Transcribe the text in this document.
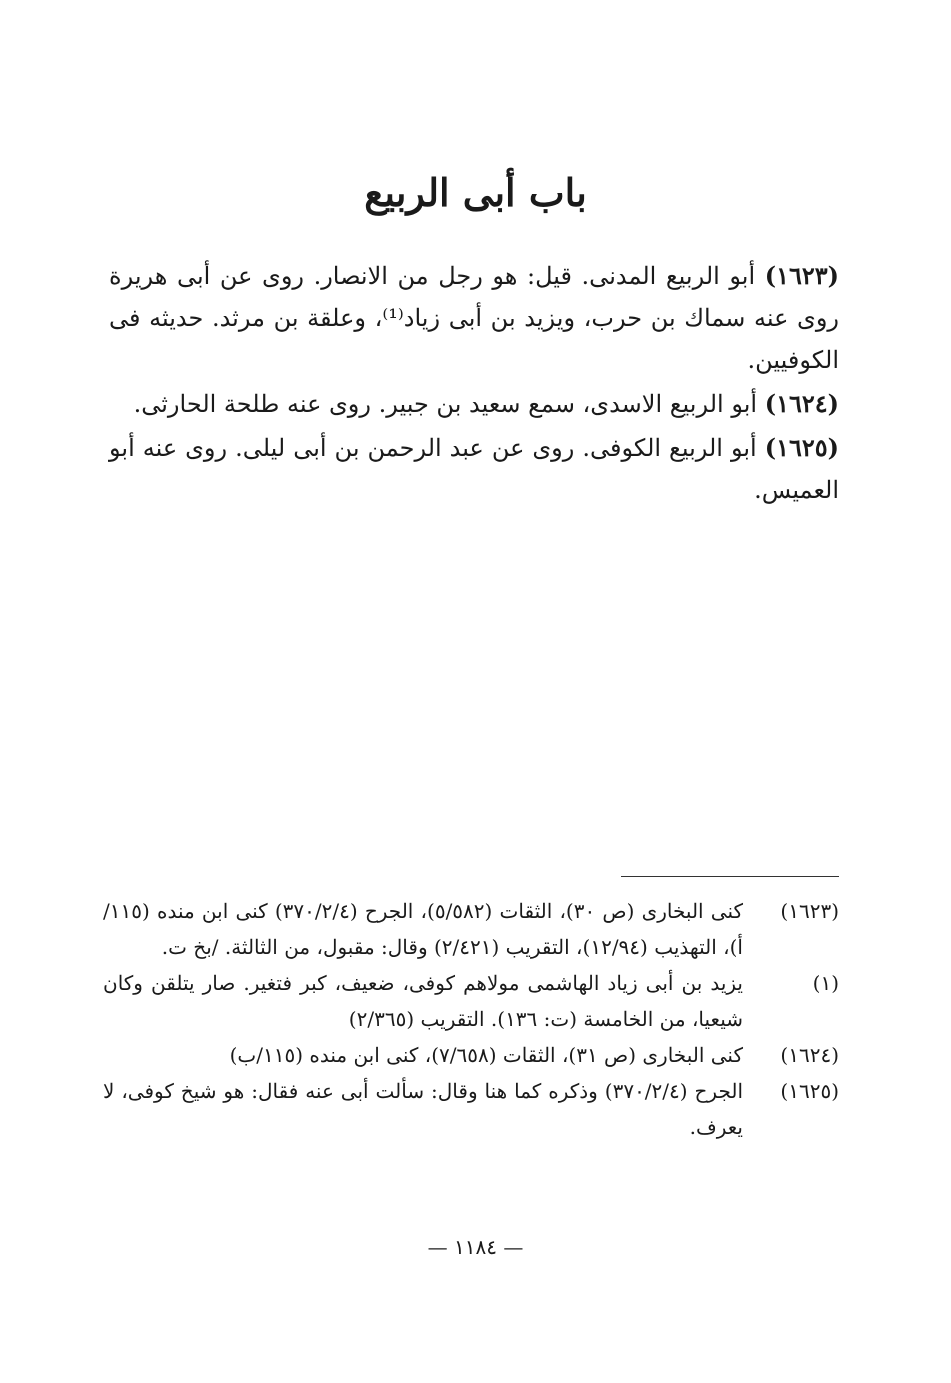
باب أبى الربيع

(١٦٢٣) أبو الربيع المدنى. قيل: هو رجل من الانصار. روى عن أبى هريرة روى عنه سماك بن حرب، ويزيد بن أبى زياد⁽¹⁾، وعلقة بن مرثد. حديثه فى الكوفيين.

(١٦٢٤) أبو الربيع الاسدى، سمع سعيد بن جبير. روى عنه طلحة الحارثى.

(١٦٢٥) أبو الربيع الكوفى. روى عن عبد الرحمن بن أبى ليلى. روى عنه أبو العميس.

(١٦٢٣)
كنى البخارى (ص ٣٠)، الثقات (٥/٥٨٢)، الجرح (٣٧٠/٢/٤) كنى ابن منده (١١٥/أ)، التهذيب (١٢/٩٤)، التقريب (٢/٤٢١) وقال: مقبول، من الثالثة. /بخ ت.
(١)
يزيد بن أبى زياد الهاشمى مولاهم كوفى، ضعيف، كبر فتغير. صار يتلقن وكان شيعيا، من الخامسة (ت: ١٣٦). التقريب (٢/٣٦٥)
(١٦٢٤)
كنى البخارى (ص ٣١)، الثقات (٧/٦٥٨)، كنى ابن منده (١١٥/ب)
(١٦٢٥)
الجرح (٣٧٠/٢/٤) وذكره كما هنا وقال: سألت أبى عنه فقال: هو شيخ كوفى، لا يعرف.
— ١١٨٤ —
